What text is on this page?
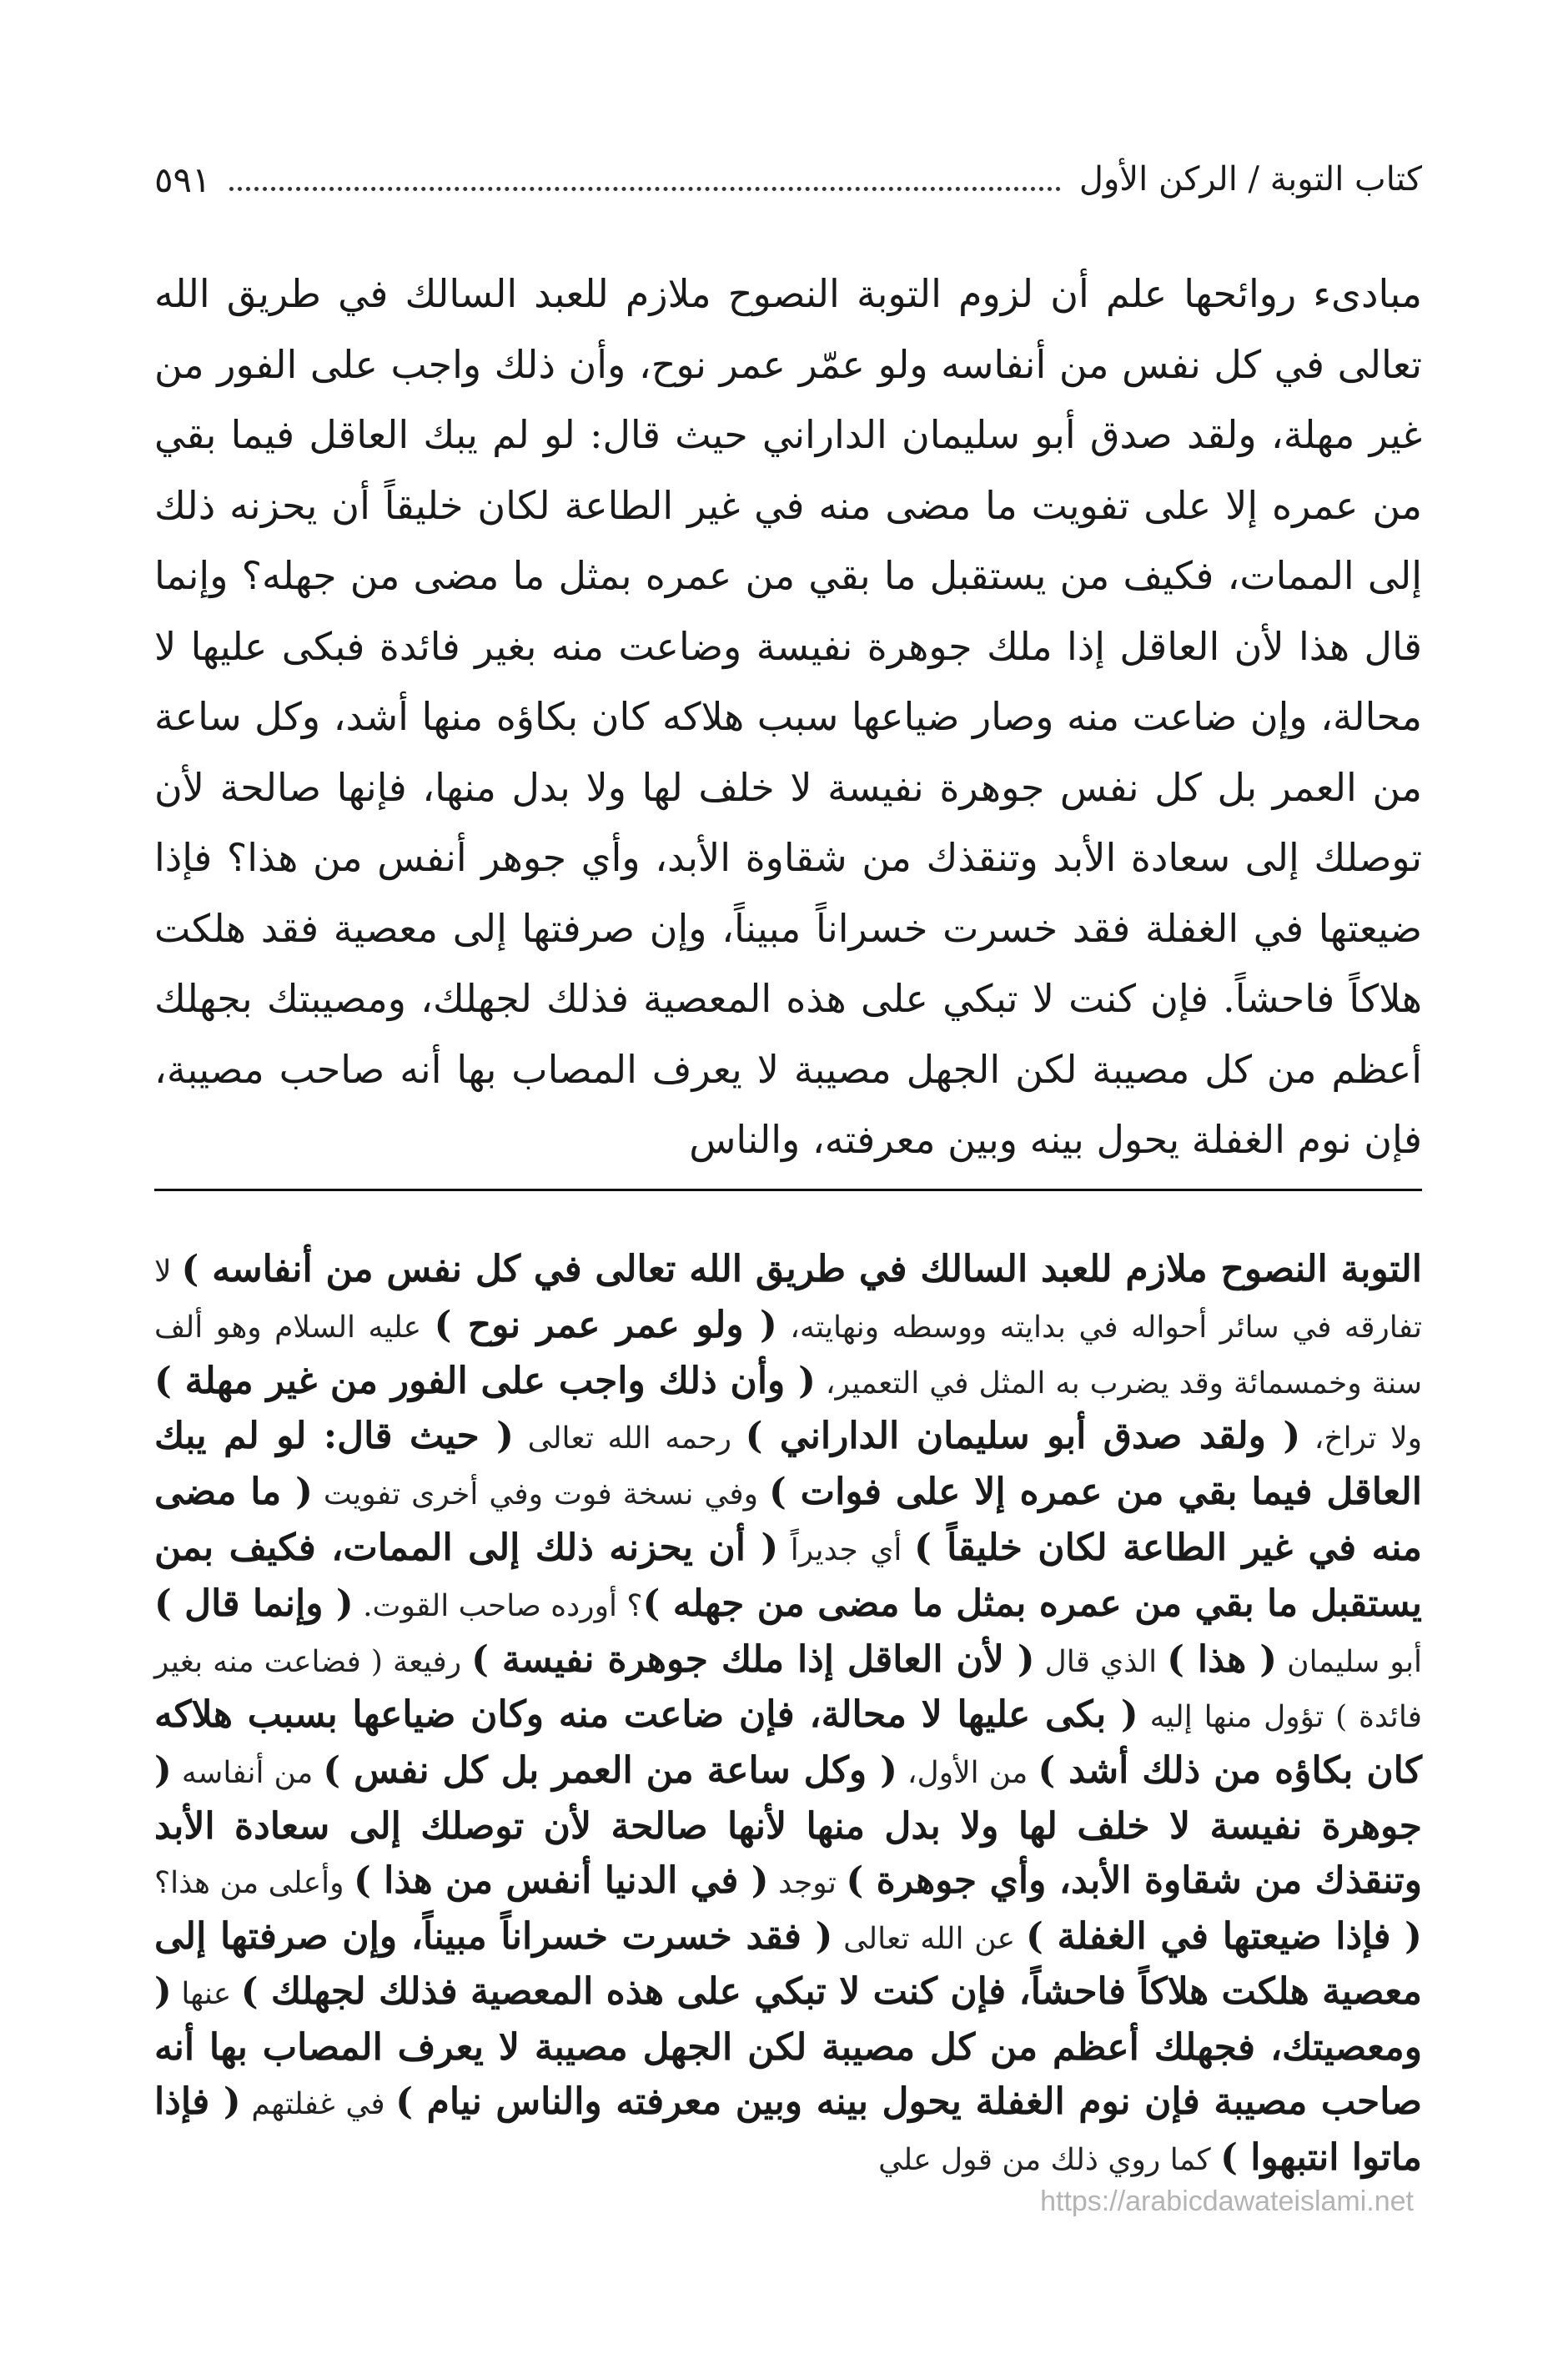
كتاب التوبة / الركن الأول
٥٩١
مبادىء روائحها علم أن لزوم التوبة النصوح ملازم للعبد السالك في طريق الله تعالى في كل نفس من أنفاسه ولو عمّر عمر نوح، وأن ذلك واجب على الفور من غير مهلة، ولقد صدق أبو سليمان الداراني حيث قال: لو لم يبك العاقل فيما بقي من عمره إلا على تفويت ما مضى منه في غير الطاعة لكان خليقاً أن يحزنه ذلك إلى الممات، فكيف من يستقبل ما بقي من عمره بمثل ما مضى من جهله؟ وإنما قال هذا لأن العاقل إذا ملك جوهرة نفيسة وضاعت منه بغير فائدة فبكى عليها لا محالة، وإن ضاعت منه وصار ضياعها سبب هلاكه كان بكاؤه منها أشد، وكل ساعة من العمر بل كل نفس جوهرة نفيسة لا خلف لها ولا بدل منها، فإنها صالحة لأن توصلك إلى سعادة الأبد وتنقذك من شقاوة الأبد، وأي جوهر أنفس من هذا؟ فإذا ضيعتها في الغفلة فقد خسرت خسراناً مبيناً، وإن صرفتها إلى معصية فقد هلكت هلاكاً فاحشاً. فإن كنت لا تبكي على هذه المعصية فذلك لجهلك، ومصيبتك بجهلك أعظم من كل مصيبة لكن الجهل مصيبة لا يعرف المصاب بها أنه صاحب مصيبة، فإن نوم الغفلة يحول بينه وبين معرفته، والناس
التوبة النصوح ملازم للعبد السالك في طريق الله تعالى في كل نفس من أنفاسه ) لا تفارقه في سائر أحواله في بدايته ووسطه ونهايته، ( ولو عمر عمر نوح ) عليه السلام وهو ألف سنة وخمسمائة وقد يضرب به المثل في التعمير، ( وأن ذلك واجب على الفور من غير مهلة ) ولا تراخ، ( ولقد صدق أبو سليمان الداراني ) رحمه الله تعالى ( حيث قال: لو لم يبك العاقل فيما بقي من عمره إلا على فوات ) وفي نسخة فوت وفي أخرى تفويت ( ما مضى منه في غير الطاعة لكان خليقاً ) أي جديراً ( أن يحزنه ذلك إلى الممات، فكيف بمن يستقبل ما بقي من عمره بمثل ما مضى من جهله )؟ أورده صاحب القوت. ( وإنما قال ) أبو سليمان ( هذا ) الذي قال ( لأن العاقل إذا ملك جوهرة نفيسة ) رفيعة ( فضاعت منه بغير فائدة ) تؤول منها إليه ( بكى عليها لا محالة، فإن ضاعت منه وكان ضياعها بسبب هلاكه كان بكاؤه من ذلك أشد ) من الأول، ( وكل ساعة من العمر بل كل نفس ) من أنفاسه ( جوهرة نفيسة لا خلف لها ولا بدل منها لأنها صالحة لأن توصلك إلى سعادة الأبد وتنقذك من شقاوة الأبد، وأي جوهرة ) توجد ( في الدنيا أنفس من هذا ) وأعلى من هذا؟ ( فإذا ضيعتها في الغفلة ) عن الله تعالى ( فقد خسرت خسراناً مبيناً، وإن صرفتها إلى معصية هلكت هلاكاً فاحشاً، فإن كنت لا تبكي على هذه المعصية فذلك لجهلك ) عنها ( ومعصيتك، فجهلك أعظم من كل مصيبة لكن الجهل مصيبة لا يعرف المصاب بها أنه صاحب مصيبة فإن نوم الغفلة يحول بينه وبين معرفته والناس نيام ) في غفلتهم ( فإذا ماتوا انتبهوا ) كما روي ذلك من قول علي
https://arabicdawateislami.net
